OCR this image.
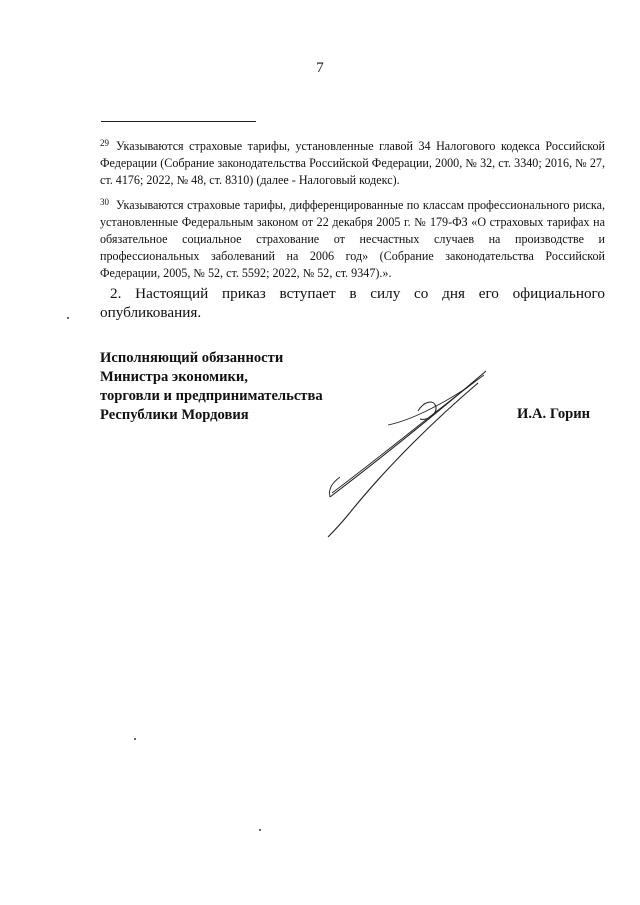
7
$^{29}$ Указываются страховые тарифы, установленные главой 34 Налогового кодекса Российской Федерации (Собрание законодательства Российской Федерации, 2000, № 32, ст. 3340; 2016, № 27, ст. 4176; 2022, № 48, ст. 8310) (далее - Налоговый кодекс).
$^{30}$ Указываются страховые тарифы, дифференцированные по классам профессионального риска, установленные Федеральным законом от 22 декабря 2005 г. № 179-ФЗ «О страховых тарифах на обязательное социальное страхование от несчастных случаев на производстве и профессиональных заболеваний на 2006 год» (Собрание законодательства Российской Федерации, 2005, № 52, ст. 5592; 2022, № 52, ст. 9347).».
2. Настоящий приказ вступает в силу со дня его официального опубликования.
Исполняющий обязанности
Министра экономики,
торговли и предпринимательства
Республики Мордовия	И.А. Горин
